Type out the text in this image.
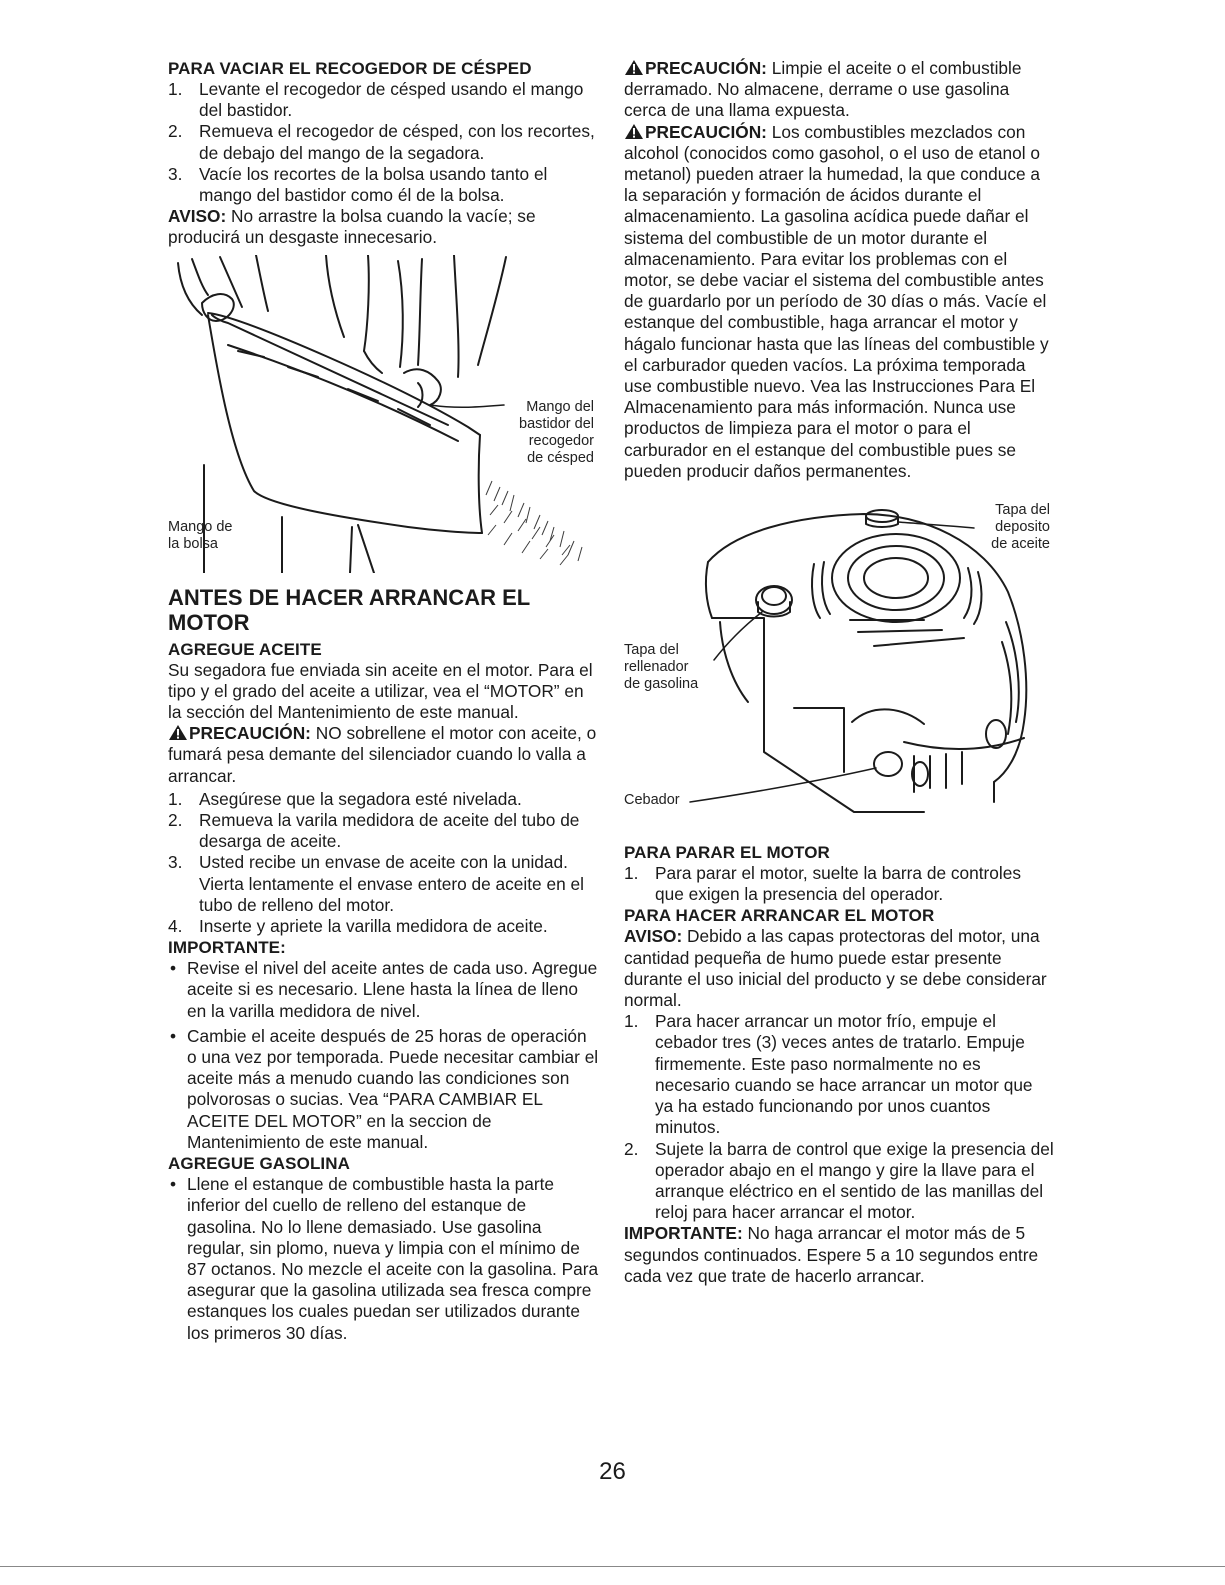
PARA VACIAR EL RECOGEDOR DE CÉSPED
1. Levante el recogedor de césped usando el mango del bastidor.
2. Remueva el recogedor de césped, con los recortes, de debajo del mango de la segadora.
3. Vacíe los recortes de la bolsa usando tanto el mango del bastidor como él de la bolsa.

AVISO: No arrastre la bolsa cuando la vacíe; se producirá un desgaste innecesario.

Mango del
bastidor del
recogedor
de césped
Mango de
la bolsa
ANTES DE HACER ARRANCAR EL MOTOR
AGREGUE ACEITE

Su segadora fue enviada sin aceite en el motor. Para el tipo y el grado del aceite a utilizar, vea el “MOTOR” en la sección del Mantenimiento de este manual.

PRECAUCIÓN: NO sobrellene el motor con aceite, o fumará pesa demante del silenciador cuando lo valla a arrancar.

1. Asegúrese que la segadora esté nivelada.
2. Remueva la varila medidora de aceite del tubo de desarga de aceite.
3. Usted recibe un envase de aceite con la unidad. Vierta lentamente el envase entero de aceite en el tubo de relleno del motor.
4. Inserte y apriete la varilla medidora de aceite.
IMPORTANTE:
• Revise el nivel del aceite antes de cada uso. Agregue aceite si es necesario. Llene hasta la línea de lleno en la varilla medidora de nivel.
• Cambie el aceite después de 25 horas de operación o una vez por temporada. Puede necesitar cambiar el aceite más a menudo cuando las condiciones son polvorosas o sucias. Vea “PARA CAMBIAR EL ACEITE DEL MOTOR” en la seccion de Mantenimiento de este manual.
AGREGUE GASOLINA
• Llene el estanque de combustible hasta la parte inferior del cuello de relleno del estanque de gasolina. No lo llene demasiado. Use gasolina regular, sin plomo, nueva y limpia con el mínimo de 87 octanos. No mezcle el aceite con la gasolina. Para asegurar que la gasolina utilizada sea fresca compre estanques los cuales puedan ser utilizados durante los primeros 30 días.

PRECAUCIÓN: Limpie el aceite o el combustible derramado. No almacene, derrame o use gasolina cerca de una llama expuesta.

PRECAUCIÓN: Los combustibles mezclados con alcohol (conocidos como gasohol, o el uso de etanol o metanol) pueden atraer la humedad, la que conduce a la separación y formación de ácidos durante el almacenamiento. La gasolina acídica puede dañar el sistema del combustible de un motor durante el almacenamiento. Para evitar los problemas con el motor, se debe vaciar el sistema del combustible antes de guardarlo por un período de 30 días o más. Vacíe el estanque del combustible, haga arrancar el motor y hágalo funcionar hasta que las líneas del combustible y el carburador queden vacíos. La próxima temporada use combustible nuevo. Vea las Instrucciones Para El Almacenamiento para más información. Nunca use productos de limpieza para el motor o para el carburador en el estanque del combustible pues se pueden producir daños permanentes.

Tapa del
deposito
de aceite
Tapa del
rellenador
de gasolina
Cebador
PARA PARAR EL MOTOR
1. Para parar el motor, suelte la barra de controles que exigen la presencia del operador.
PARA HACER ARRANCAR EL MOTOR

AVISO: Debido a las capas protectoras del motor, una cantidad pequeña de humo puede estar presente durante el uso inicial del producto y se debe considerar normal.

1. Para hacer arrancar un motor frío, empuje el cebador tres (3) veces antes de tratarlo. Empuje firmemente. Este paso normalmente no es necesario cuando se hace arrancar un motor que ya ha estado funcionando por unos cuantos minutos.
2. Sujete la barra de control que exige la presencia del operador abajo en el mango y gire la llave para el arranque eléctrico en el sentido de las manillas del reloj para hacer arrancar el motor.

IMPORTANTE: No haga arrancar el motor más de 5 segundos continuados. Espere 5 a 10 segundos entre cada vez que trate de hacerlo arrancar.

26
